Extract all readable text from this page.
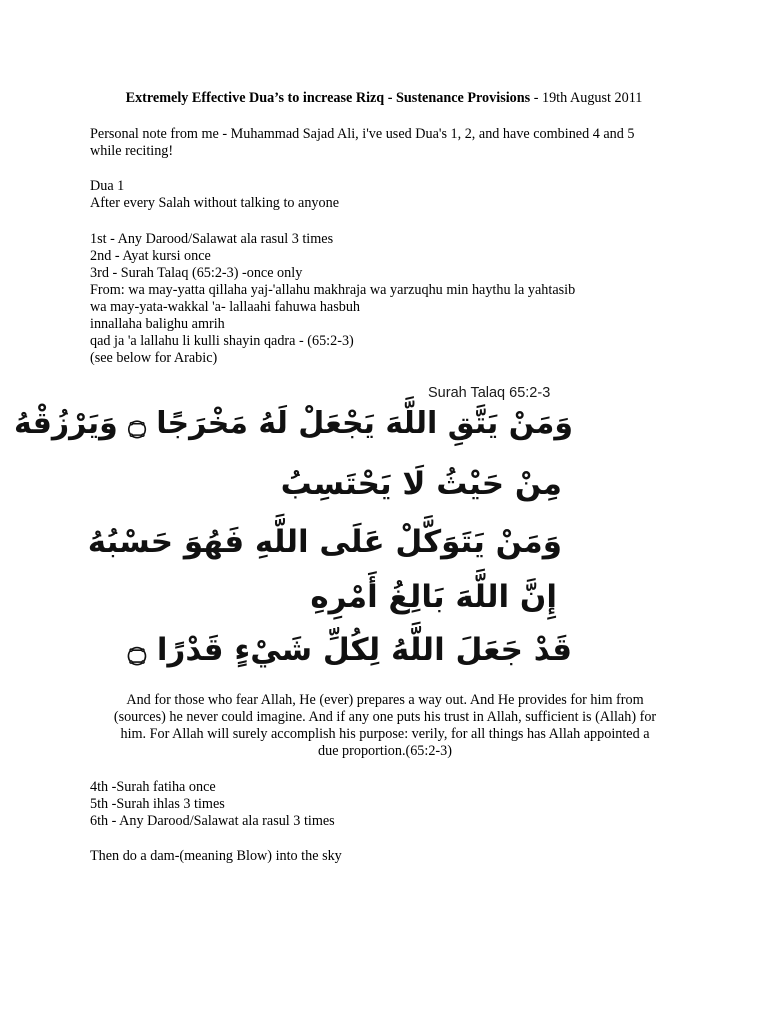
Extremely Effective Dua’s to increase Rizq - Sustenance Provisions - 19th August 2011
Personal note from me - Muhammad Sajad Ali, i've used Dua's 1, 2, and have combined 4 and 5
while reciting!
Dua 1
After every Salah without talking to anyone
1st - Any Darood/Salawat ala rasul 3 times
2nd - Ayat kursi once
3rd - Surah Talaq (65:2-3) -once only
From: wa may-yatta qillaha yaj-'allahu makhraja wa yarzuqhu min haythu la yahtasib
wa may-yata-wakkal 'a- lallaahi fahuwa hasbuh
innallaha balighu amrih
qad ja 'a lallahu li kulli shayin qadra - (65:2-3)
(see below for Arabic)
Surah Talaq 65:2-3
وَمَنْ يَتَّقِ اللَّهَ يَجْعَلْ لَهُ مَخْرَجًا ۝ وَيَرْزُقْهُ
مِنْ حَيْثُ لَا يَحْتَسِبُ
وَمَنْ يَتَوَكَّلْ عَلَى اللَّهِ فَهُوَ حَسْبُهُ
إِنَّ اللَّهَ بَالِغُ أَمْرِهِ
قَدْ جَعَلَ اللَّهُ لِكُلِّ شَيْءٍ قَدْرًا ۝
And for those who fear Allah, He (ever) prepares a way out. And He provides for him from
(sources) he never could imagine. And if any one puts his trust in Allah, sufficient is (Allah) for
him. For Allah will surely accomplish his purpose: verily, for all things has Allah appointed a
due proportion.(65:2-3)
4th -Surah fatiha once
5th -Surah ihlas 3 times
6th - Any Darood/Salawat ala rasul 3 times
Then do a dam-(meaning Blow) into the sky
